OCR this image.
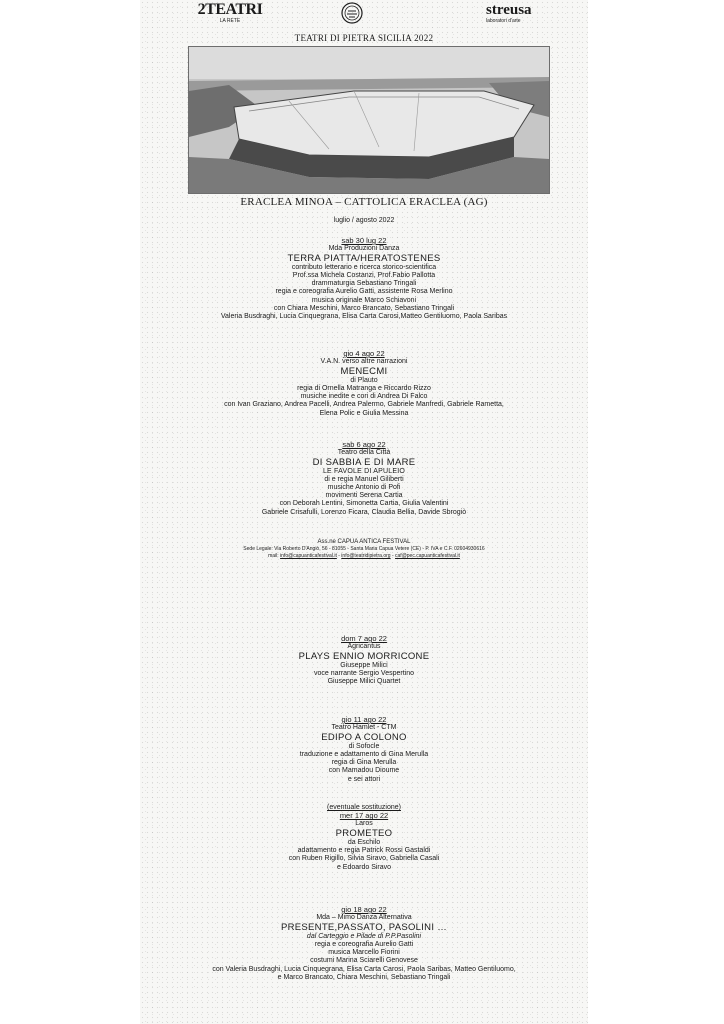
2TEATRI
LA RETE
streusa
laboratori d'arte
TEATRI DI PIETRA SICILIA 2022
ERACLEA MINOA – CATTOLICA ERACLEA (AG)
luglio / agosto 2022
sab 30 lug 22
Mda Produzioni Danza
TERRA PIATTA/HERATOSTENES
contributo letterario e ricerca storico-scientifica
Prof.ssa Michela Costanzi, Prof.Fabio Pallotta
drammaturgia Sebastiano Tringali
regia e coreografia Aurelio Gatti, assistente Rosa Merlino
musica originale Marco Schiavoni
con Chiara Meschini, Marco Brancato, Sebastiano Tringali
Valeria Busdraghi, Lucia Cinquegrana, Elisa Carta Carosi,Matteo Gentiluomo, Paola Saribas
gio 4 ago 22
V.A.N. verso altre narrazioni
MENECMI
di Plauto
regia di Ornella Matranga e Riccardo Rizzo
musiche inedite e cori di Andrea Di Falco
con Ivan Graziano, Andrea Pacelli, Andrea Palermo, Gabriele Manfredi, Gabriele Rametta,
Elena Polic e Giulia Messina
sab 6 ago 22
Teatro della Città
DI SABBIA E DI MARE
LE FAVOLE DI APULEIO
di e regia Manuel Giliberti
musiche Antonio di Pofi
movimenti Serena Cartia
con Deborah Lentini, Simonetta Cartia, Giulia Valentini
Gabriele Crisafulli, Lorenzo Ficara, Claudia Bellia, Davide Sbrogiò
Ass.ne CAPUA ANTICA FESTIVAL
Sede Legale: Via Roberto D'Angiò, 56 - 81055 - Santa Maria Capua Vetere (CE) - P. IVA e C.F. 02604930616
mail: info@capuanticafestival.it - info@teatridipietra.org - caf@pec.capuanticafestival.it
dom 7 ago 22
Agricantus
PLAYS ENNIO MORRICONE
Giuseppe Milici
voce narrante Sergio Vespertino
Giuseppe Milici Quartet
gio 11 ago 22
Teatro Hamlet - CTM
EDIPO A COLONO
di Sofocle
traduzione e adattamento di Gina Merulla
regia di Gina Merulla
con Mamadou Dioume
e sei attori
(eventuale sostituzione)
mer 17 ago 22
Laros
PROMETEO
da Eschilo
adattamento e regia Patrick Rossi Gastaldi
con Ruben Rigillo, Silvia Siravo, Gabriella Casali
e Edoardo Siravo
gio 18 ago 22
Mda – Mimo Danza Alternativa
PRESENTE,PASSATO, PASOLINI …
dal Carteggio e Pilade di P.P.Pasolini
regia e coreografia Aurelio Gatti
musica Marcello Fiorini
costumi Marina Sciarelli Genovese
con Valeria Busdraghi, Lucia Cinquegrana, Elisa Carta Carosi, Paola Saribas, Matteo Gentiluomo,
e Marco Brancato, Chiara Meschini, Sebastiano Tringali
